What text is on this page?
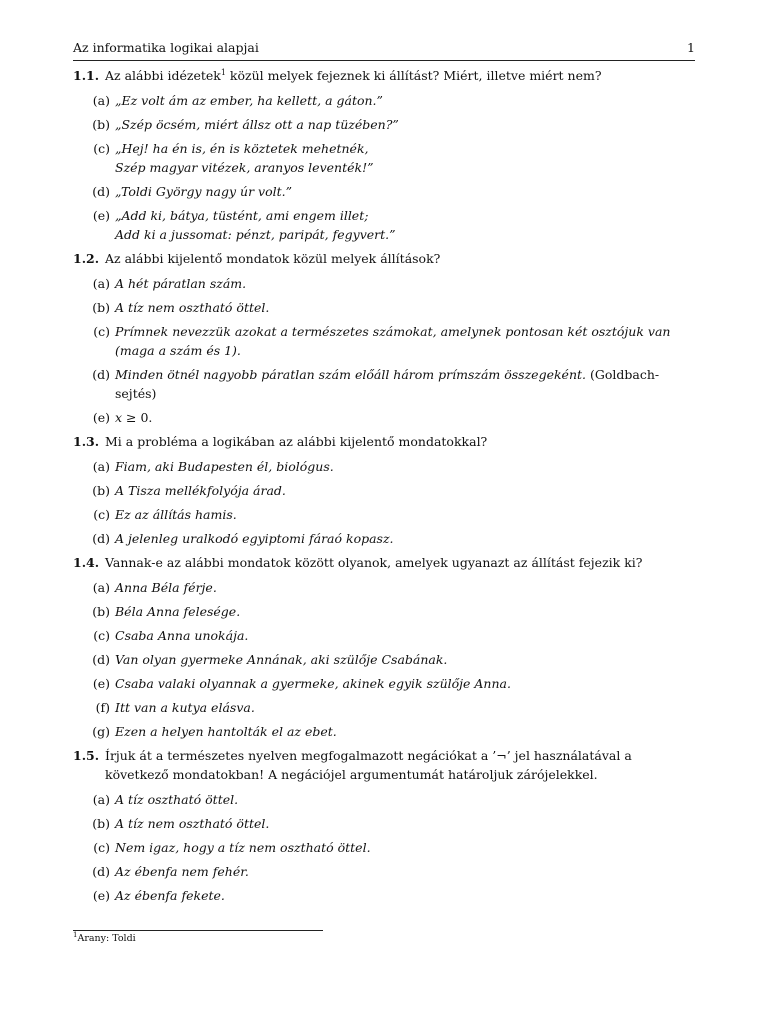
Az informatika logikai alapjai	1
1.1. Az alábbi idézetek$^1$ közül melyek fejeznek ki állítást? Miért, illetve miért nem?
(a) „Ez volt ám az ember, ha kellett, a gáton.”
(b) „Szép öcsém, miért állsz ott a nap tüzében?”
(c) „Hej! ha én is, én is köztetek mehetnék,
Szép magyar vitézek, aranyos leventék!”
(d) „Toldi György nagy úr volt.”
(e) „Add ki, bátya, tüstént, ami engem illet;
Add ki a jussomat: pénzt, paripát, fegyvert.”
1.2. Az alábbi kijelentő mondatok közül melyek állítások?
(a) A hét páratlan szám.
(b) A tíz nem osztható öttel.
(c) Prímnek nevezzük azokat a természetes számokat, amelynek pontosan két osztójuk van (maga a szám és 1).
(d) Minden ötnél nagyobb páratlan szám előáll három prímszám összegeként. (Goldbach-sejtés)
(e) x ≥ 0.
1.3. Mi a probléma a logikában az alábbi kijelentő mondatokkal?
(a) Fiam, aki Budapesten él, biológus.
(b) A Tisza mellékfolyója árad.
(c) Ez az állítás hamis.
(d) A jelenleg uralkodó egyiptomi fáraó kopasz.
1.4. Vannak-e az alábbi mondatok között olyanok, amelyek ugyanazt az állítást fejezik ki?
(a) Anna Béla férje.
(b) Béla Anna felesége.
(c) Csaba Anna unokája.
(d) Van olyan gyermeke Annának, aki szülője Csabának.
(e) Csaba valaki olyannak a gyermeke, akinek egyik szülője Anna.
(f) Itt van a kutya elásva.
(g) Ezen a helyen hantolták el az ebet.
1.5. Írjuk át a természetes nyelven megfogalmazott negációkat a ’¬’ jel használatával a következő mondatokban! A negációjel argumentumát határoljuk zárójelekkel.
(a) A tíz osztható öttel.
(b) A tíz nem osztható öttel.
(c) Nem igaz, hogy a tíz nem osztható öttel.
(d) Az ébenfa nem fehér.
(e) Az ébenfa fekete.
$^1$Arany: Toldi
